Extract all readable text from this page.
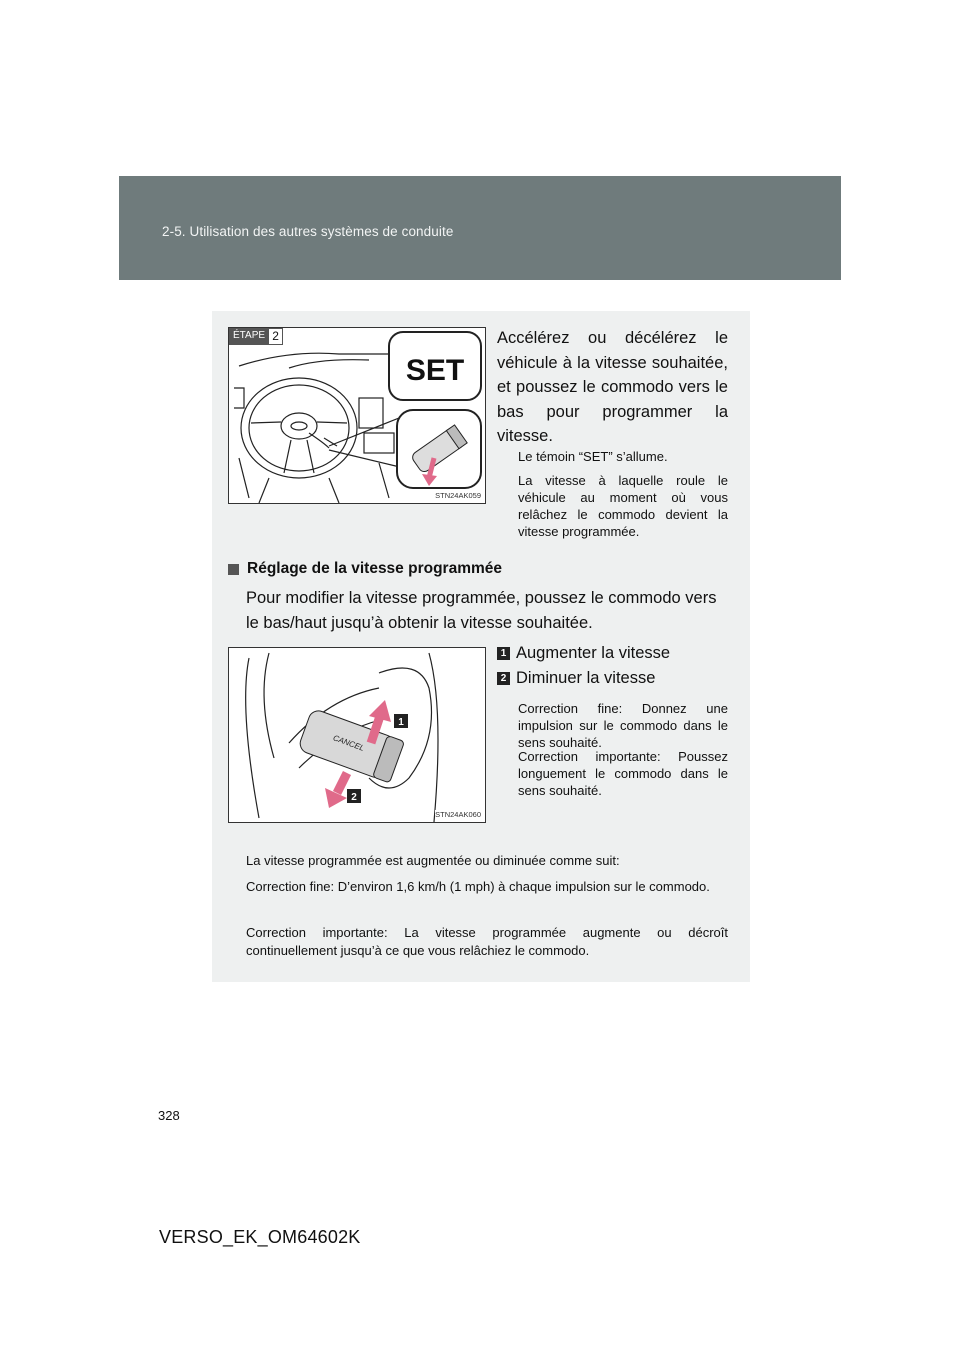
2-5. Utilisation des autres systèmes de conduite
SET
ÉTAPE 2
STN24AK059
Accélérez ou décélérez le véhicule à la vitesse souhaitée, et poussez le commodo vers le bas pour programmer la vitesse.
Le témoin “SET” s’allume.
La vitesse à laquelle roule le véhicule au moment où vous relâchez le commodo devient la vitesse programmée.
Réglage de la vitesse programmée
Pour modifier la vitesse programmée, poussez le commodo vers le bas/haut jusqu’à obtenir la vitesse souhaitée.
CANCEL
1
2
STN24AK060
1 Augmenter la vitesse
2 Diminuer la vitesse
Correction fine: Donnez une impulsion sur le commodo dans le sens souhaité.
Correction importante: Poussez longuement le commodo dans le sens souhaité.
La vitesse programmée est augmentée ou diminuée comme suit:
Correction fine: D’environ 1,6 km/h (1 mph) à chaque impulsion sur le commodo.
Correction importante: La vitesse programmée augmente ou décroît continuellement jusqu’à ce que vous relâchiez le commodo.
328
VERSO_EK_OM64602K
